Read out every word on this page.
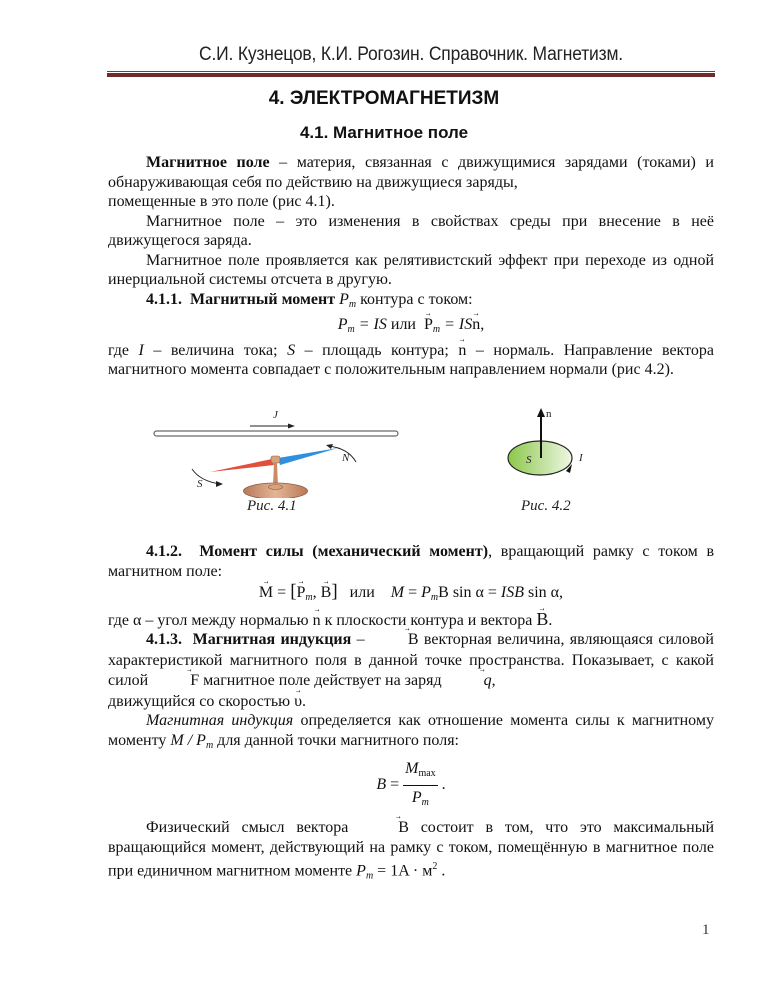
С.И. Кузнецов, К.И. Рогозин. Справочник. Магнетизм.
4. ЭЛЕКТРОМАГНЕТИЗМ
4.1. Магнитное поле

Магнитное поле – материя, связанная с движущимися зарядами (токами) и обнаруживающая себя по действию на движущиеся заряды,

помещенные в это поле (рис 4.1).

Магнитное поле – это изменения в свойствах среды при внесение в неё движущегося заряда.

Магнитное поле проявляется как релятивистский эффект при переходе из одной инерциальной системы отсчета в другую.

4.1.1. Магнитный момент $P_m$ контура с током:

$P_m$ = IS или  → $P_m = IS\to n$,

где I – величина тока; S – площадь контура; → n – нормаль. Направление вектора магнитного момента совпадает с положительным направлением нормали (рис 4.2).

J
N
S
Рис. 4.1
n
S	I
Рис. 4.2

4.1.2. Момент силы (механический момент), вращающий рамку с током в магнитном поле:

→ M = [→ $P_m$, → B] или $M = P_mB$ sin α = ISB sin α,

где α – угол между нормалью → n к плоскости контура и вектора → B.

4.1.3. Магнитная индукция – → B векторная величина, являющаяся силовой характеристикой магнитного поля в данной точке пространства. Показывает, с какой силой → F магнитное поле действует на заряд → q,

движущийся со скоростью → υ.

Магнитная индукция определяется как отношение момента силы к магнитному моменту M / $P_m$ для данной точки магнитного поля:

$B = \frac{M_{max}}{P_m}$ .

Физический смысл вектора → B состоит в том, что это максимальный вращающийся момент, действующий на рамку с током, помещённую в магнитное поле при единичном магнитном моменте $P_m = 1A \cdot м^2$ .

1
